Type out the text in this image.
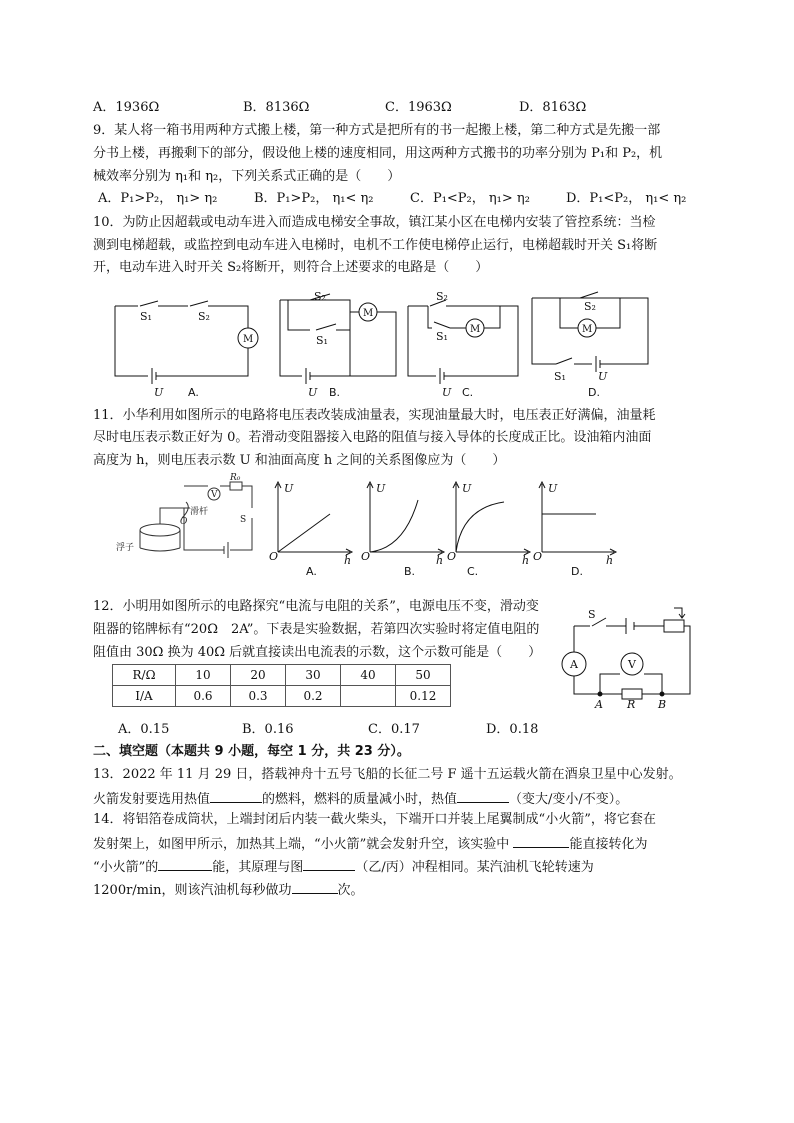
A．1936Ω	B．8136Ω	C．1963Ω	D．8163Ω
9．某人将一箱书用两种方式搬上楼，第一种方式是把所有的书一起搬上楼，第二种方式是先搬一部
分书上楼，再搬剩下的部分，假设他上楼的速度相同，用这两种方式搬书的功率分别为 P₁和 P₂，机
械效率分别为 η₁和 η₂，下列关系式正确的是（　　）
A．P₁>P₂， η₁> η₂	B．P₁>P₂， η₁< η₂	C．P₁<P₂， η₁> η₂	D．P₁<P₂， η₁< η₂
10．为防止因超载或电动车进入而造成电梯安全事故，镇江某小区在电梯内安装了管控系统：当检
测到电梯超载，或监控到电动车进入电梯时，电机不工作使电梯停止运行，电梯超载时开关 S₁将断
开，电动车进入时开关 S₂将断开，则符合上述要求的电路是（　　）
S₁	S₂
M
U
S₂
S₁
M
U
S₂
S₁
M
U
S₂
M
S₁	U
A.	B.	C.	D.
11．小华利用如图所示的电路将电压表改装成油量表，实现油量最大时，电压表正好满偏，油量耗
尽时电压表示数正好为 0。若滑动变阻器接入电路的阻值与接入导体的长度成正比。设油箱内油面
高度为 h，则电压表示数 U 和油面高度 h 之间的关系图像应为（　　）
V
R₀
S
滑杆
浮子
O
U
h
O
U
h
O
U
h
O
U
h
O
A.	B.	C.	D.
12．小明用如图所示的电路探究“电流与电阻的关系”，电源电压不变，滑动变
阻器的铭牌标有“20Ω　2A”。下表是实验数据，若第四次实验时将定值电阻的
阻值由 30Ω 换为 40Ω 后就直接读出电流表的示数，这个示数可能是（　　）
R/Ω	10	20	30	40	50
I/A	0.6	0.3	0.2		0.12
S
A	V
A R B
A．0.15	B．0.16	C．0.17	D．0.18
二、填空题（本题共 9 小题，每空 1 分，共 23 分）。
13．2022 年 11 月 29 日，搭载神舟十五号飞船的长征二号 F 遥十五运载火箭在酒泉卫星中心发射。
火箭发射要选用热值	的燃料，燃料的质量减小时，热值	（变大/变小/不变）。
14．将铝箔卷成筒状，上端封闭后内装一截火柴头，下端开口并装上尾翼制成“小火箭”，将它套在
发射架上，如图甲所示，加热其上端，“小火箭”就会发射升空，该实验中	能直接转化为
“小火箭”的	能，其原理与图	（乙/丙）冲程相同。某汽油机飞轮转速为
1200r/min，则该汽油机每秒做功	次。
